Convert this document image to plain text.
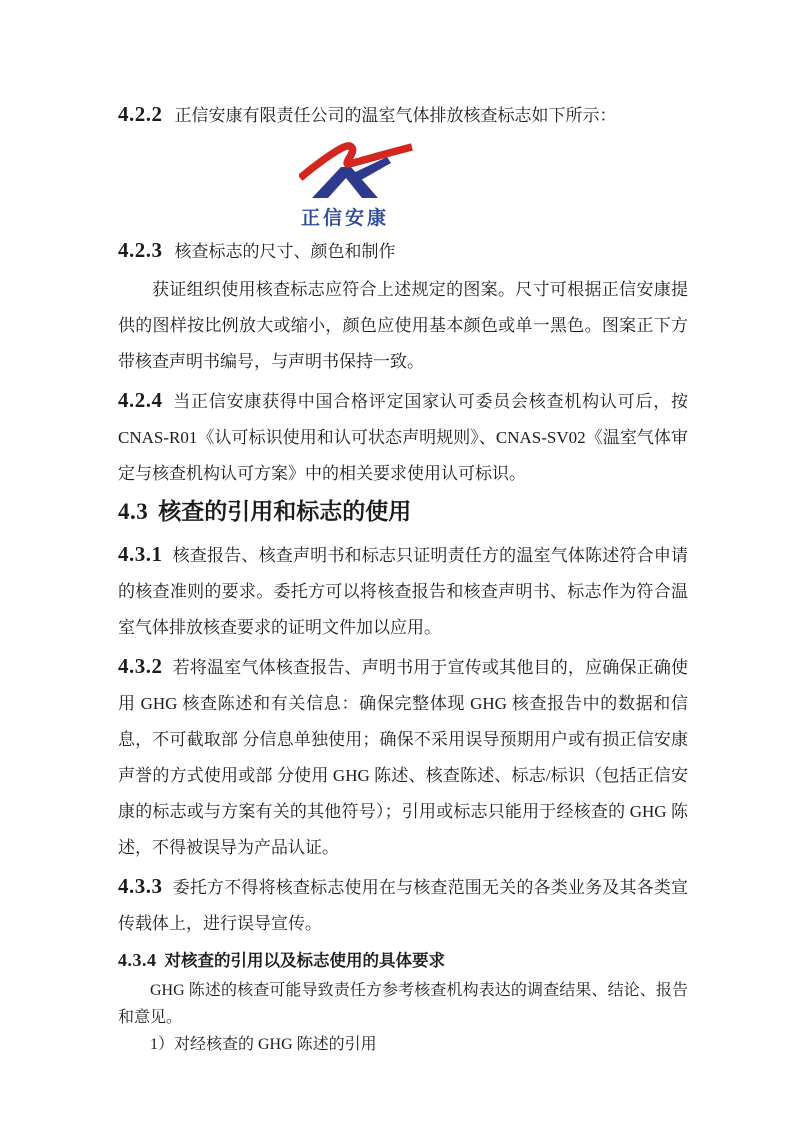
4.2.2 正信安康有限责任公司的温室气体排放核查标志如下所示：

正信安康

4.2.3 核查标志的尺寸、颜色和制作

获证组织使用核查标志应符合上述规定的图案。尺寸可根据正信安康提供的图样按比例放大或缩小，颜色应使用基本颜色或单一黑色。图案正下方带核查声明书编号，与声明书保持一致。

4.2.4 当正信安康获得中国合格评定国家认可委员会核查机构认可后，按 CNAS-R01《认可标识使用和认可状态声明规则》、CNAS-SV02《温室气体审定与核查机构认可方案》中的相关要求使用认可标识。

4.3 核查的引用和标志的使用

4.3.1 核查报告、核查声明书和标志只证明责任方的温室气体陈述符合申请的核查准则的要求。委托方可以将核查报告和核查声明书、标志作为符合温室气体排放核查要求的证明文件加以应用。

4.3.2 若将温室气体核查报告、声明书用于宣传或其他目的，应确保正确使用 GHG 核查陈述和有关信息：确保完整体现 GHG 核查报告中的数据和信息，不可截取部 分信息单独使用；确保不采用误导预期用户或有损正信安康声誉的方式使用或部 分使用 GHG 陈述、核查陈述、标志/标识（包括正信安康的标志或与方案有关的其他符号）；引用或标志只能用于经核查的 GHG 陈述，不得被误导为产品认证。

4.3.3 委托方不得将核查标志使用在与核查范围无关的各类业务及其各类宣传载体上，进行误导宣传。

4.3.4 对核查的引用以及标志使用的具体要求

GHG 陈述的核查可能导致责任方参考核查机构表达的调查结果、结论、报告和意见。

1）对经核查的 GHG 陈述的引用
